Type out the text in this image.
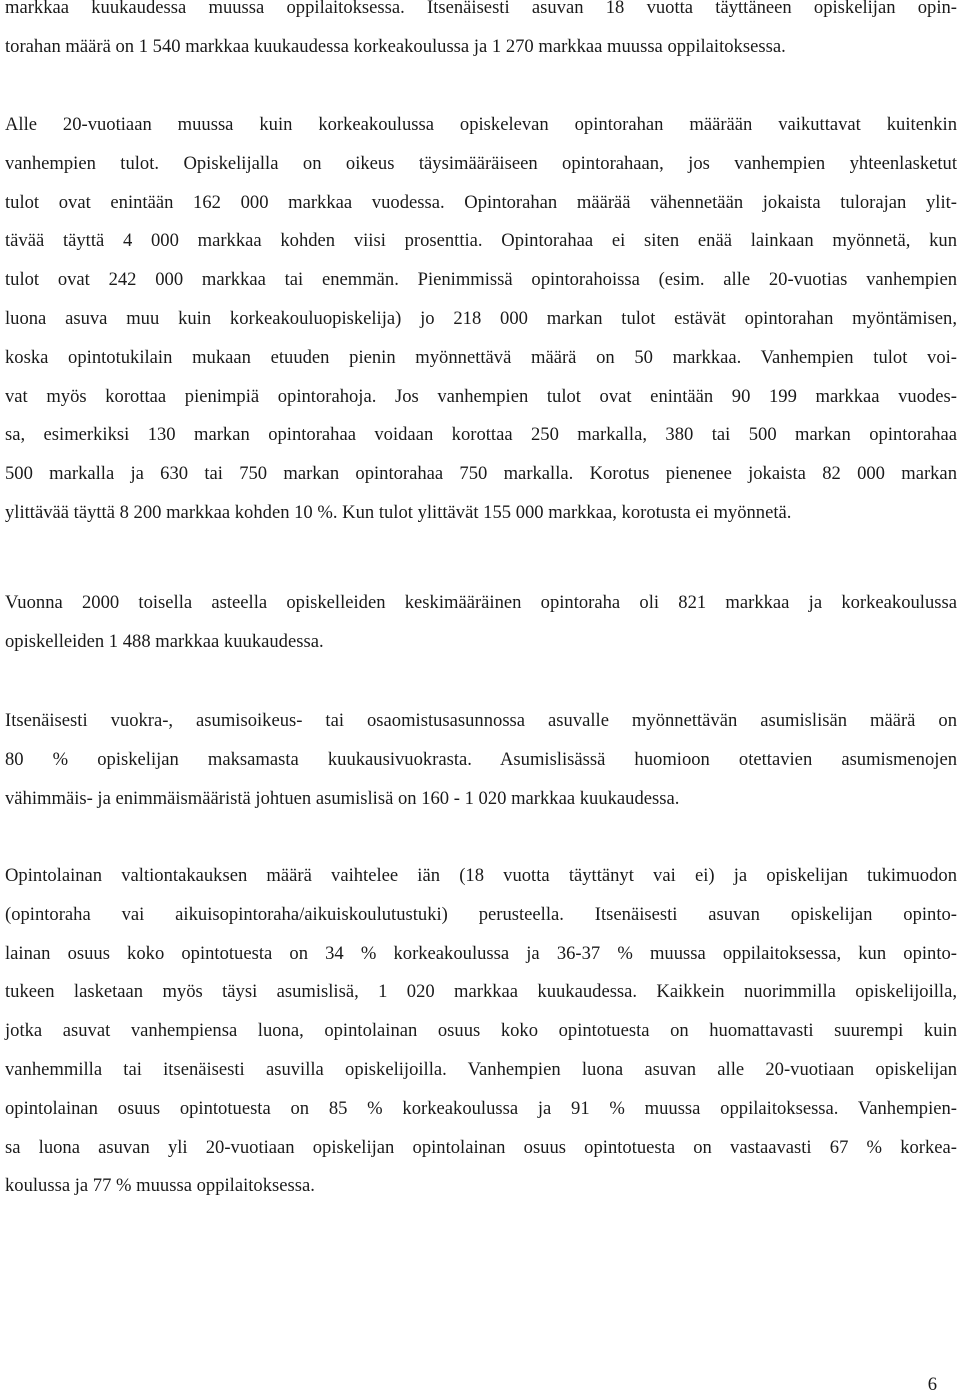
markkaa kuukaudessa muussa oppilaitoksessa. Itsenäisesti asuvan 18 vuotta täyttäneen opiskelijan opin-
torahan määrä on 1 540 markkaa kuukaudessa korkeakoulussa ja 1 270 markkaa muussa oppilaitoksessa.

Alle 20-vuotiaan muussa kuin korkeakoulussa opiskelevan opintorahan määrään vaikuttavat kuitenkin
vanhempien tulot. Opiskelijalla on oikeus täysimääräiseen opintorahaan, jos vanhempien yhteenlasketut
tulot ovat enintään 162 000 markkaa vuodessa. Opintorahan määrää vähennetään jokaista tulorajan ylit-
tävää täyttä 4 000 markkaa kohden viisi prosenttia. Opintorahaa ei siten enää lainkaan myönnetä, kun
tulot ovat 242 000 markkaa tai enemmän. Pienimmissä opintorahoissa (esim. alle 20-vuotias vanhempien
luona asuva muu kuin korkeakouluopiskelija) jo 218 000 markan tulot estävät opintorahan myöntämisen,
koska opintotukilain mukaan etuuden pienin myönnettävä määrä on 50 markkaa. Vanhempien tulot voi-
vat myös korottaa pienimpiä opintorahoja. Jos vanhempien tulot ovat enintään 90 199 markkaa vuodes-
sa, esimerkiksi 130 markan opintorahaa voidaan korottaa 250 markalla, 380 tai 500 markan opintorahaa
500 markalla ja 630 tai 750 markan opintorahaa 750 markalla. Korotus pienenee jokaista 82 000 markan
ylittävää täyttä 8 200 markkaa kohden 10 %. Kun tulot ylittävät 155 000 markkaa, korotusta ei myönnetä.

Vuonna 2000 toisella asteella opiskelleiden keskimääräinen opintoraha oli 821 markkaa ja korkeakoulussa
opiskelleiden 1 488 markkaa kuukaudessa.

Itsenäisesti vuokra-, asumisoikeus- tai osaomistusasunnossa asuvalle myönnettävän asumislisän määrä on
80 % opiskelijan maksamasta kuukausivuokrasta. Asumislisässä huomioon otettavien asumismenojen
vähimmäis- ja enimmäismääristä johtuen asumislisä on 160 - 1 020 markkaa kuukaudessa.

Opintolainan valtiontakauksen määrä vaihtelee iän (18 vuotta täyttänyt vai ei) ja opiskelijan tukimuodon
(opintoraha vai aikuisopintoraha/aikuiskoulutustuki) perusteella. Itsenäisesti asuvan opiskelijan opinto-
lainan osuus koko opintotuesta on 34 % korkeakoulussa ja 36-37 % muussa oppilaitoksessa, kun opinto-
tukeen lasketaan myös täysi asumislisä, 1 020 markkaa kuukaudessa. Kaikkein nuorimmilla opiskelijoilla,
jotka asuvat vanhempiensa luona, opintolainan osuus koko opintotuesta on huomattavasti suurempi kuin
vanhemmilla tai itsenäisesti asuvilla opiskelijoilla. Vanhempien luona asuvan alle 20-vuotiaan opiskelijan
opintolainan osuus opintotuesta on 85 % korkeakoulussa ja 91 % muussa oppilaitoksessa. Vanhempien-
sa luona asuvan yli 20-vuotiaan opiskelijan opintolainan osuus opintotuesta on vastaavasti 67 % korkea-
koulussa ja 77 % muussa oppilaitoksessa.

6
